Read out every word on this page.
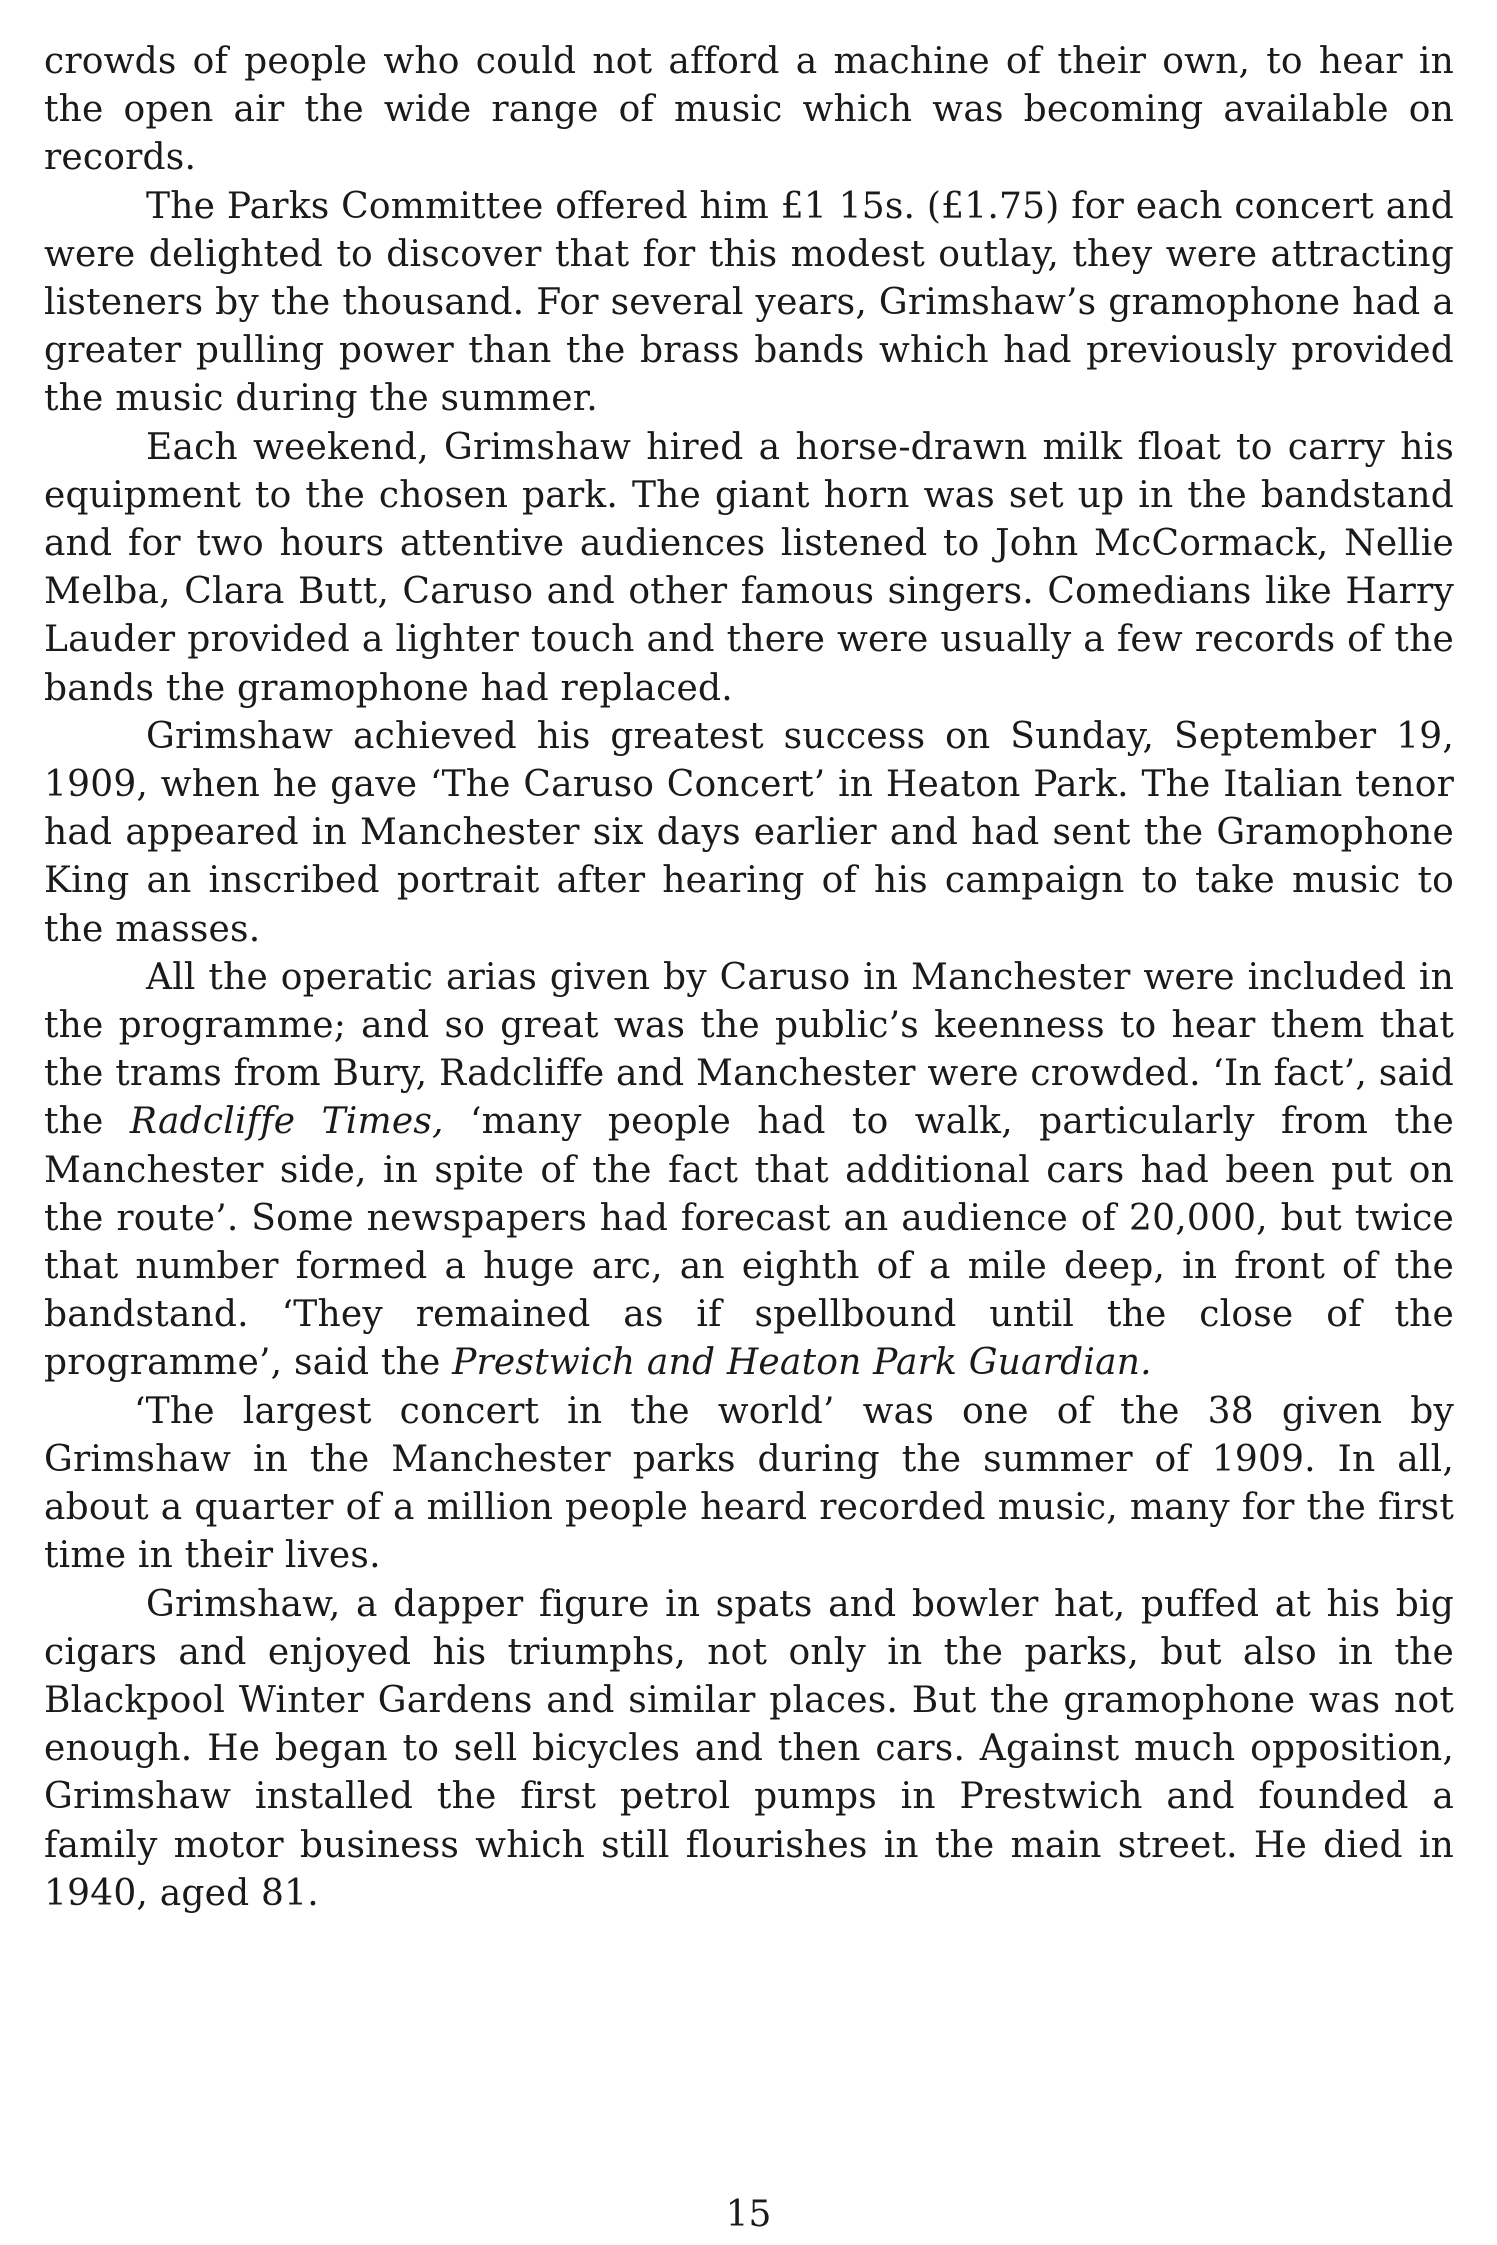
crowds of people who could not afford a machine of their own, to hear in the open air the wide range of music which was becoming available on records.

The Parks Committee offered him £1 15s. (£1.75) for each concert and were delighted to discover that for this modest outlay, they were attracting listeners by the thousand. For several years, Grimshaw’s gramophone had a greater pulling power than the brass bands which had previously provided the music during the summer.

Each weekend, Grimshaw hired a horse-drawn milk float to carry his equipment to the chosen park. The giant horn was set up in the bandstand and for two hours attentive audiences listened to John McCormack, Nellie Melba, Clara Butt, Caruso and other famous singers. Comedians like Harry Lauder provided a lighter touch and there were usually a few records of the bands the gramophone had replaced.

Grimshaw achieved his greatest success on Sunday, September 19, 1909, when he gave ‘The Caruso Concert’ in Heaton Park. The Italian tenor had appeared in Manchester six days earlier and had sent the Gramophone King an inscribed portrait after hearing of his campaign to take music to the masses.

All the operatic arias given by Caruso in Manchester were included in the programme; and so great was the public’s keenness to hear them that the trams from Bury, Radcliffe and Manchester were crowded. ‘In fact’, said the Radcliffe Times, ‘many people had to walk, particularly from the Manchester side, in spite of the fact that additional cars had been put on the route’. Some newspapers had forecast an audience of 20,000, but twice that number formed a huge arc, an eighth of a mile deep, in front of the bandstand. ‘They remained as if spellbound until the close of the programme’, said the Prestwich and Heaton Park Guardian.

‘The largest concert in the world’ was one of the 38 given by Grimshaw in the Manchester parks during the summer of 1909. In all, about a quarter of a million people heard recorded music, many for the first time in their lives.

Grimshaw, a dapper figure in spats and bowler hat, puffed at his big cigars and enjoyed his triumphs, not only in the parks, but also in the Blackpool Winter Gardens and similar places. But the gramophone was not enough. He began to sell bicycles and then cars. Against much opposition, Grimshaw installed the first petrol pumps in Prestwich and founded a family motor business which still flourishes in the main street. He died in 1940, aged 81.

15
